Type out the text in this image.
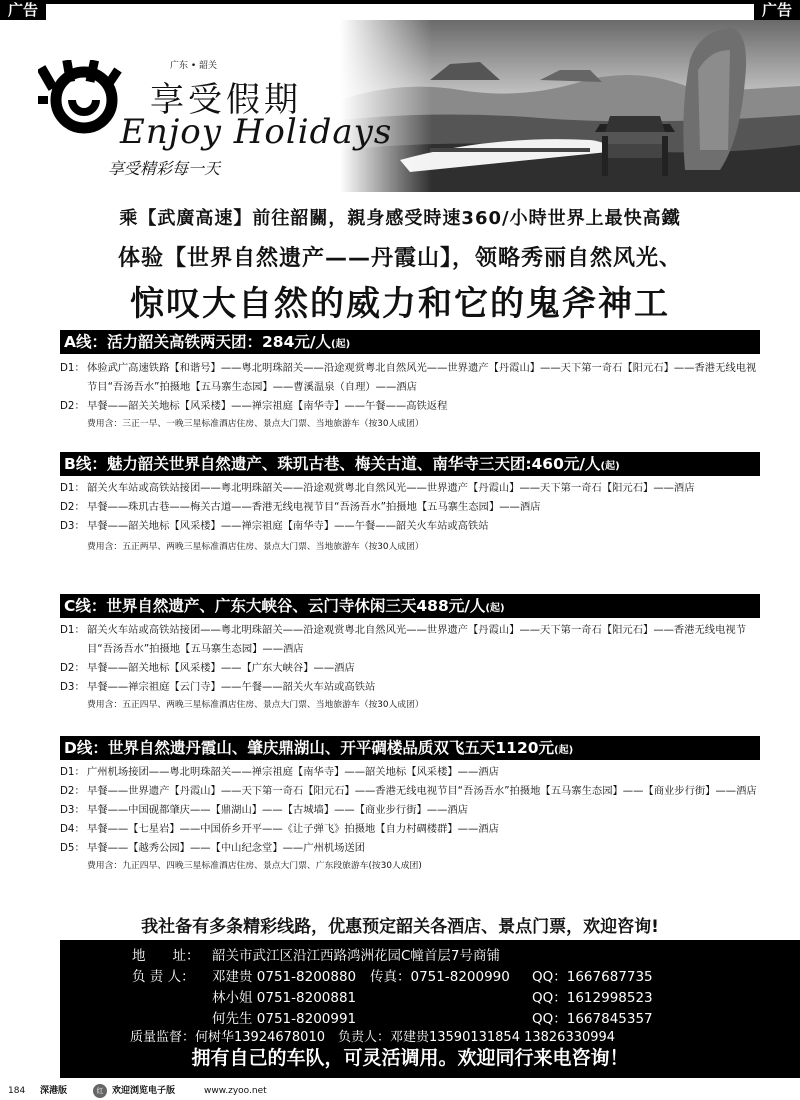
广告	广告
广东 • 韶关
享受假期
Enjoy Holidays
享受精彩每一天
乘【武廣高速】前往韶關，親身感受時速360/小時世界上最快高鐵
体验【世界自然遗产——丹霞山】，领略秀丽自然风光、
惊叹大自然的威力和它的鬼斧神工
A线：活力韶关高铁两天团：284元/人(起)
D1： 体验武广高速铁路【和谐号】——粤北明珠韶关——沿途观赏粤北自然风光——世界遗产【丹霞山】——天下第一奇石【阳元石】——香港无线电视节目“吾汤吾水”拍摄地【五马寨生态园】——曹溪温泉（自理）——酒店
D2： 早餐——韶关关地标【风采楼】——禅宗祖庭【南华寺】——午餐——高铁返程
费用含：三正一早、一晚三星标准酒店住房、景点大门票、当地旅游车（按30人成团）
B线：魅力韶关世界自然遗产、珠玑古巷、梅关古道、南华寺三天团:460元/人(起)
D1： 韶关火车站或高铁站接团——粤北明珠韶关——沿途观赏粤北自然风光——世界遗产【丹霞山】——天下第一奇石【阳元石】——酒店
D2： 早餐——珠玑古巷——梅关古道——香港无线电视节目“吾汤吾水”拍摄地【五马寨生态园】——酒店
D3： 早餐——韶关地标【风采楼】——禅宗祖庭【南华寺】——午餐——韶关火车站或高铁站
费用含：五正两早、两晚三星标准酒店住房、景点大门票、当地旅游车（按30人成团）
C线：世界自然遗产、广东大峡谷、云门寺休闲三天488元/人(起)
D1： 韶关火车站或高铁站接团——粤北明珠韶关——沿途观赏粤北自然风光——世界遗产【丹霞山】——天下第一奇石【阳元石】——香港无线电视节目“吾汤吾水”拍摄地【五马寨生态园】——酒店
D2： 早餐——韶关地标【风采楼】——【广东大峡谷】——酒店
D3： 早餐——禅宗祖庭【云门寺】——午餐——韶关火车站或高铁站
费用含：五正四早、两晚三星标准酒店住房、景点大门票、当地旅游车（按30人成团）
D线：世界自然遗丹霞山、肇庆鼎湖山、开平碉楼品质双飞五天1120元(起)
D1： 广州机场接团——粤北明珠韶关——禅宗祖庭【南华寺】——韶关地标【风采楼】——酒店
D2： 早餐——世界遗产【丹霞山】——天下第一奇石【阳元石】——香港无线电视节目“吾汤吾水”拍摄地【五马寨生态园】——【商业步行街】——酒店
D3： 早餐——中国砚都肇庆——【鼎湖山】——【古城墙】——【商业步行街】——酒店
D4： 早餐——【七星岩】——中国侨乡开平——《让子弹飞》拍摄地【自力村碉楼群】——酒店
D5： 早餐——【越秀公园】——【中山纪念堂】——广州机场送团
费用含：九正四早、四晚三星标准酒店住房、景点大门票、广东段旅游车(按30人成团)
我社备有多条精彩线路，优惠预定韶关各酒店、景点门票，欢迎咨询!
地　　址： 韶关市武江区沿江西路鸿洲花园C幢首层7号商铺
负 责 人： 邓建贵 0751-8200880 传真：0751-8200990 QQ：1667687735
林小姐 0751-8200881	QQ：1612998523
何先生 0751-8200991	QQ：1667845357
质量监督：何树华13924678010　负责人：邓建贵13590131854 13826330994
拥有自己的车队，可灵活调用。欢迎同行来电咨询！
184 深港版	红 欢迎浏览电子版	www.zyoo.net
